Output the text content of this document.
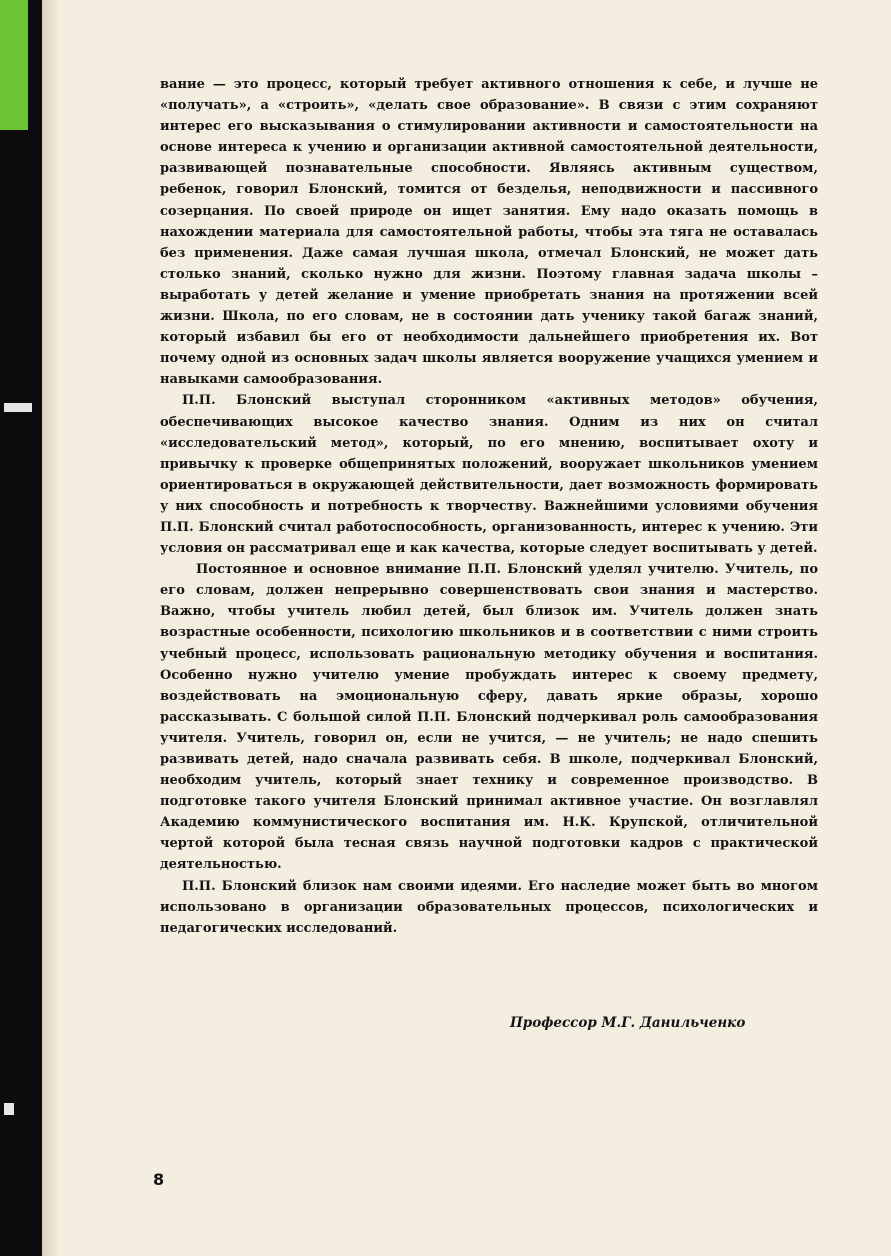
вание — это процесс, который требует активного отношения к себе, и лучше не «получать», а «строить», «делать свое образование». В связи с этим сохраняют интерес его высказывания о стимулировании активности и самостоятельности на основе интереса к учению и организации активной самостоятельной деятельности, развивающей познавательные способности. Являясь активным существом, ребенок, говорил Блонский, томится от безделья, неподвижности и пассивного созерцания. По своей природе он ищет занятия. Ему надо оказать помощь в нахождении материала для самостоятельной работы, чтобы эта тяга не оставалась без применения. Даже самая лучшая школа, отмечал Блонский, не может дать столько знаний, сколько нужно для жизни. Поэтому главная задача школы – выработать у детей желание и умение приобретать знания на протяжении всей жизни. Школа, по его словам, не в состоянии дать ученику такой багаж знаний, который избавил бы его от необходимости дальнейшего приобретения их. Вот почему одной из основных задач школы является вооружение учащихся умением и навыками самообразования.

П.П. Блонский выступал сторонником «активных методов» обучения, обеспечивающих высокое качество знания. Одним из них он считал «исследовательский метод», который, по его мнению, воспитывает охоту и привычку к проверке общепринятых положений, вооружает школьников умением ориентироваться в окружающей действительности, дает возможность формировать у них способность и потребность к творчеству. Важнейшими условиями обучения П.П. Блонский считал работоспособность, организованность, интерес к учению. Эти условия он рассматривал еще и как качества, которые следует воспитывать у детей.

Постоянное и основное внимание П.П. Блонский уделял учителю. Учитель, по его словам, должен непрерывно совершенствовать свои знания и мастерство. Важно, чтобы учитель любил детей, был близок им. Учитель должен знать возрастные особенности, психологию школьников и в соответствии с ними строить учебный процесс, использовать рациональную методику обучения и воспитания. Особенно нужно учителю умение пробуждать интерес к своему предмету, воздействовать на эмоциональную сферу, давать яркие образы, хорошо рассказывать. С большой силой П.П. Блонский подчеркивал роль самообразования учителя. Учитель, говорил он, если не учится, — не учитель; не надо спешить развивать детей, надо сначала развивать себя. В школе, подчеркивал Блонский, необходим учитель, который знает технику и современное производство. В подготовке такого учителя Блонский принимал активное участие. Он возглавлял Академию коммунистического воспитания им. Н.К. Крупской, отличительной чертой которой была тесная связь научной подготовки кадров с практической деятельностью.

П.П. Блонский близок нам своими идеями. Его наследие может быть во многом использовано в организации образовательных процессов, психологических и педагогических исследований.

Профессор М.Г. Данильченко
8
